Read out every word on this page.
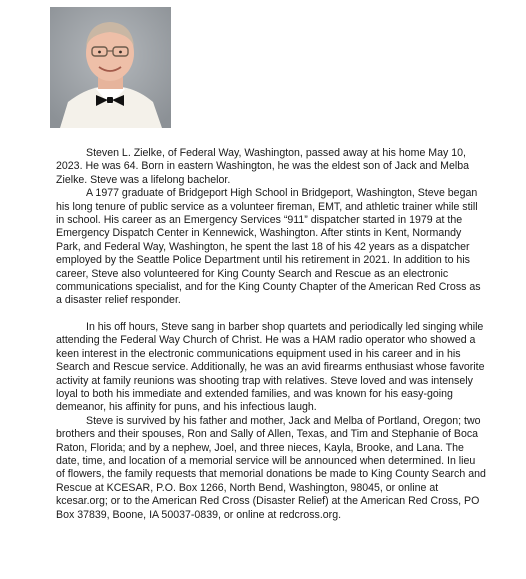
Steven L. Zielke, of Federal Way, Washington, passed away at his home May 10, 2023. He was 64. Born in eastern Washington, he was the eldest son of Jack and Melba Zielke. Steve was a lifelong bachelor.

A 1977 graduate of Bridgeport High School in Bridgeport, Washington, Steve began his long tenure of public service as a volunteer fireman, EMT, and athletic trainer while still in school. His career as an Emergency Services “911” dispatcher started in 1979 at the Emergency Dispatch Center in Kennewick, Washington. After stints in Kent, Normandy Park, and Federal Way, Washington, he spent the last 18 of his 42 years as a dispatcher employed by the Seattle Police Department until his retirement in 2021. In addition to his career, Steve also volunteered for King County Search and Rescue as an electronic communications specialist, and for the King County Chapter of the American Red Cross as a disaster relief responder.

In his off hours, Steve sang in barber shop quartets and periodically led singing while attending the Federal Way Church of Christ. He was a HAM radio operator who showed a keen interest in the electronic communications equipment used in his career and in his Search and Rescue service. Additionally, he was an avid firearms enthusiast whose favorite activity at family reunions was shooting trap with relatives. Steve loved and was intensely loyal to both his immediate and extended families, and was known for his easy-going demeanor, his affinity for puns, and his infectious laugh.

Steve is survived by his father and mother, Jack and Melba of Portland, Oregon; two brothers and their spouses, Ron and Sally of Allen, Texas, and Tim and Stephanie of Boca Raton, Florida; and by a nephew, Joel, and three nieces, Kayla, Brooke, and Lana. The date, time, and location of a memorial service will be announced when determined. In lieu of flowers, the family requests that memorial donations be made to King County Search and Rescue at KCESAR, P.O. Box 1266, North Bend, Washington, 98045, or online at kcesar.org; or to the American Red Cross (Disaster Relief) at the American Red Cross, PO Box 37839, Boone, IA 50037-0839, or online at redcross.org.
